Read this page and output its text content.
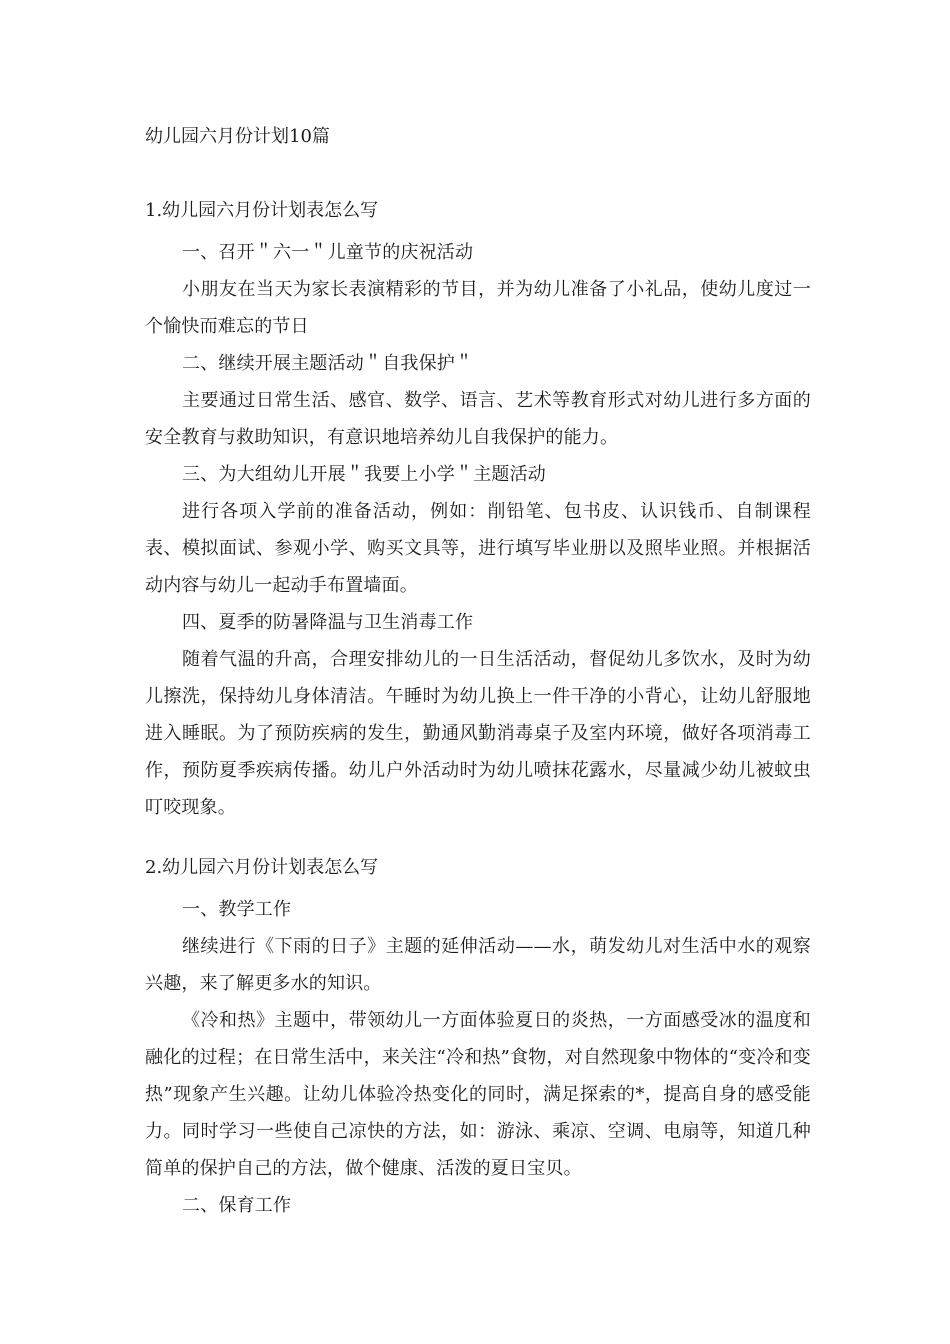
幼儿园六月份计划10篇
1.幼儿园六月份计划表怎么写

一、召开＂六一＂儿童节的庆祝活动

小朋友在当天为家长表演精彩的节目，并为幼儿准备了小礼品，使幼儿度过一个愉快而难忘的节日

二、继续开展主题活动＂自我保护＂

主要通过日常生活、感官、数学、语言、艺术等教育形式对幼儿进行多方面的安全教育与救助知识，有意识地培养幼儿自我保护的能力。

三、为大组幼儿开展＂我要上小学＂主题活动

进行各项入学前的准备活动，例如：削铅笔、包书皮、认识钱币、自制课程表、模拟面试、参观小学、购买文具等，进行填写毕业册以及照毕业照。并根据活动内容与幼儿一起动手布置墙面。

四、夏季的防暑降温与卫生消毒工作

随着气温的升高，合理安排幼儿的一日生活活动，督促幼儿多饮水，及时为幼儿擦洗，保持幼儿身体清洁。午睡时为幼儿换上一件干净的小背心，让幼儿舒服地进入睡眠。为了预防疾病的发生，勤通风勤消毒桌子及室内环境，做好各项消毒工作，预防夏季疾病传播。幼儿户外活动时为幼儿喷抹花露水，尽量减少幼儿被蚊虫叮咬现象。

2.幼儿园六月份计划表怎么写

一、教学工作

继续进行《下雨的日子》主题的延伸活动——水，萌发幼儿对生活中水的观察兴趣，来了解更多水的知识。

《冷和热》主题中，带领幼儿一方面体验夏日的炎热，一方面感受冰的温度和融化的过程；在日常生活中，来关注“冷和热”食物，对自然现象中物体的“变冷和变热”现象产生兴趣。让幼儿体验冷热变化的同时，满足探索的*，提高自身的感受能力。同时学习一些使自己凉快的方法，如：游泳、乘凉、空调、电扇等，知道几种简单的保护自己的方法，做个健康、活泼的夏日宝贝。

二、保育工作
